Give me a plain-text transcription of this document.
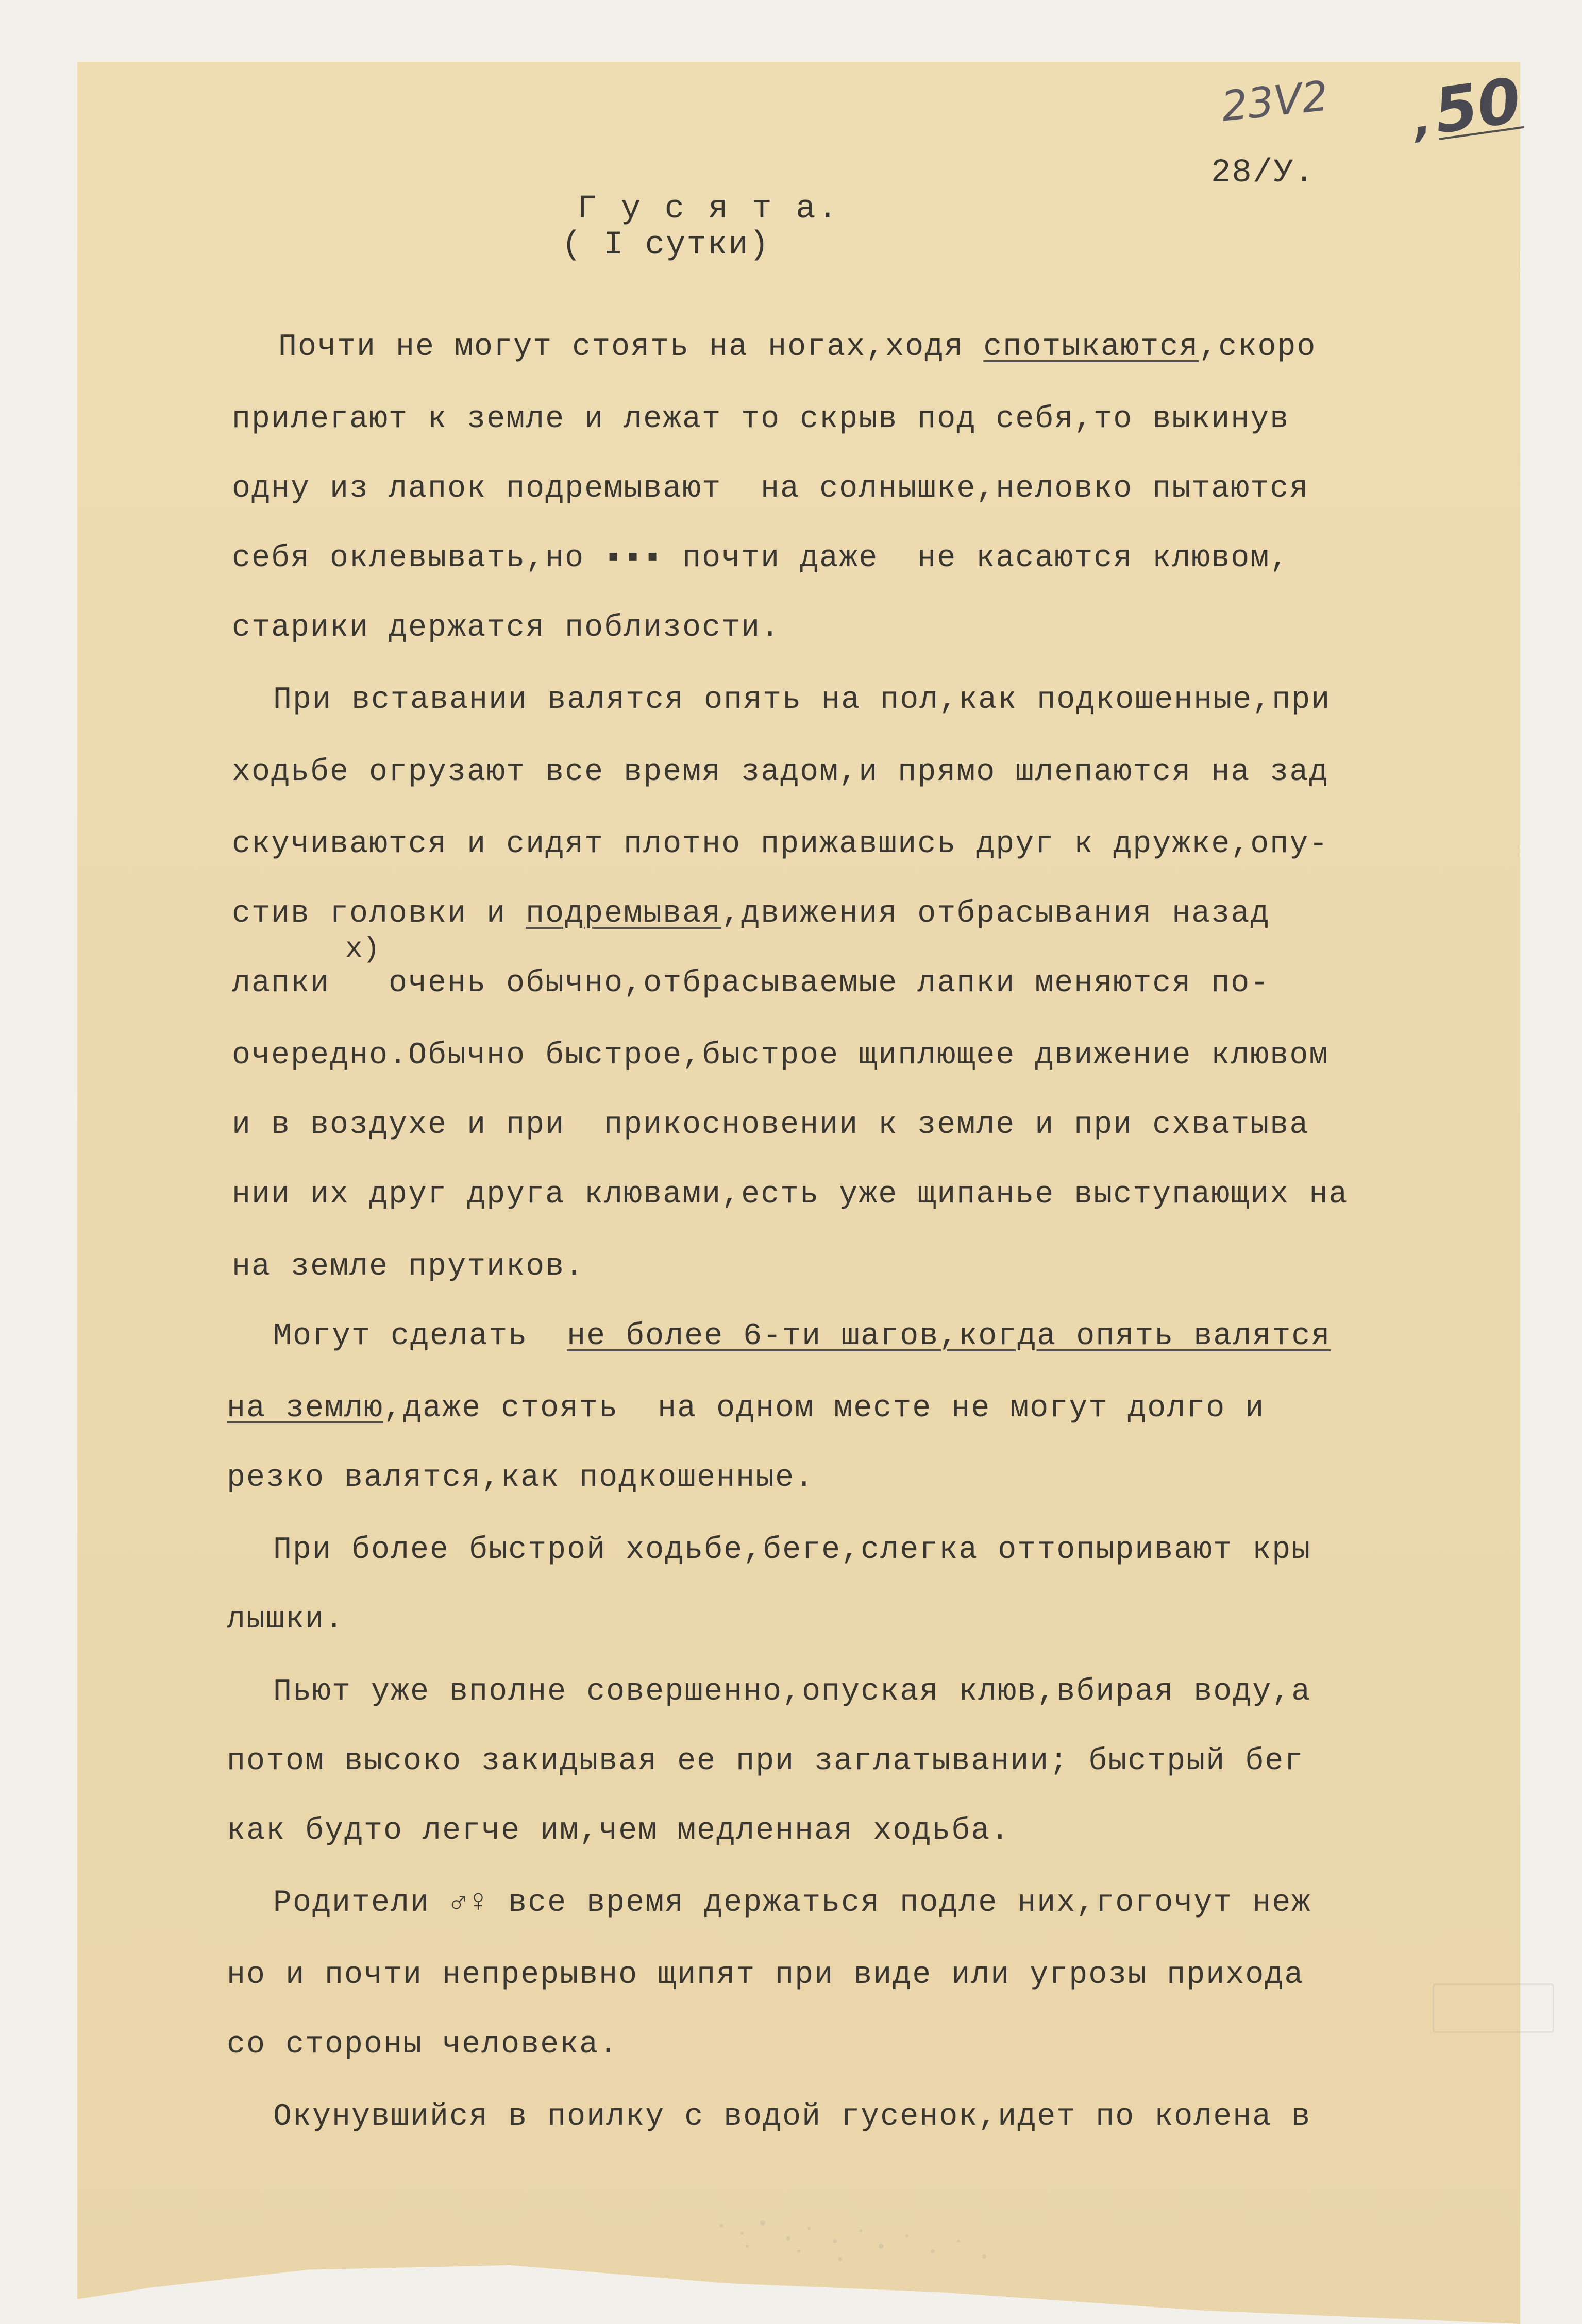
23V2 ,50

28/У.

Г у с я т а.

( I сутки)

Почти не могут стоять на ногах,ходя спотыкаются,скоро

прилегают к земле и лежат то скрыв под себя,то выкинув

одну из лапок подремывают  на солнышке,неловко пытаются

себя оклевывать,но ▪▪▪ почти даже  не касаются клювом,

старики держатся поблизости.

При вставании валятся опять на пол,как подкошенные,при

ходьбе огрузают все время задом,и прямо шлепаются на зад

скучиваются и сидят плотно прижавшись друг к дружке,опу-

стив головки и подремывая,движения отбрасывания назад

x)

лапки   очень обычно,отбрасываемые лапки меняются по-

очередно.Обычно быстрое,быстрое щиплющее движение клювом

и в воздухе и при  прикосновении к земле и при схватыва

нии их друг друга клювами,есть уже щипанье выступающих на

на земле прутиков.

Могут сделать  не более 6-ти шагов,когда опять валятся

на землю,даже стоять  на одном месте не могут долго и

резко валятся,как подкошенные.

При более быстрой ходьбе,беге,слегка оттопыривают кры

лышки.

Пьют уже вполне совершенно,опуская клюв,вбирая воду,а

потом высоко закидывая ее при заглатывании; быстрый бег

как будто легче им,чем медленная ходьба.

Родители ♂♀ все время держаться подле них,гогочут неж

но и почти непрерывно щипят при виде или угрозы прихода

со стороны человека.

Окунувшийся в поилку с водой гусенок,идет по колена в
